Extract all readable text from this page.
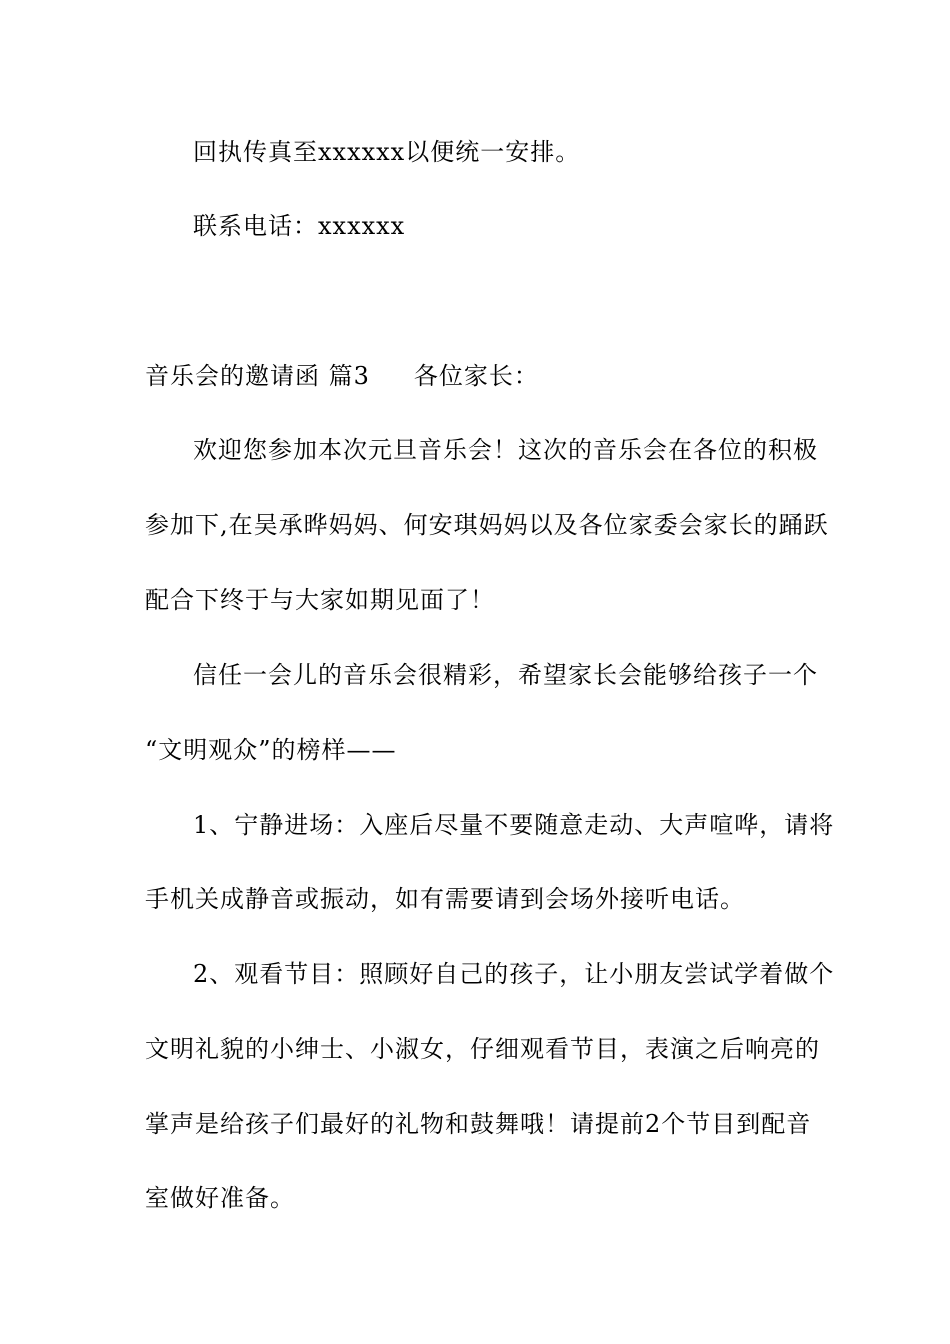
回执传真至xxxxxx以便统一安排。
联系电话：xxxxxx
音乐会的邀请函 篇3 各位家长：
欢迎您参加本次元旦音乐会！这次的音乐会在各位的积极
参加下,在吴承晔妈妈、何安琪妈妈以及各位家委会家长的踊跃
配合下终于与大家如期见面了！
信任一会儿的音乐会很精彩，希望家长会能够给孩子一个
“文明观众”的榜样——
1、宁静进场：入座后尽量不要随意走动、大声喧哗，请将
手机关成静音或振动，如有需要请到会场外接听电话。
2、观看节目：照顾好自己的孩子，让小朋友尝试学着做个
文明礼貌的小绅士、小淑女，仔细观看节目，表演之后响亮的
掌声是给孩子们最好的礼物和鼓舞哦！请提前2个节目到配音
室做好准备。
